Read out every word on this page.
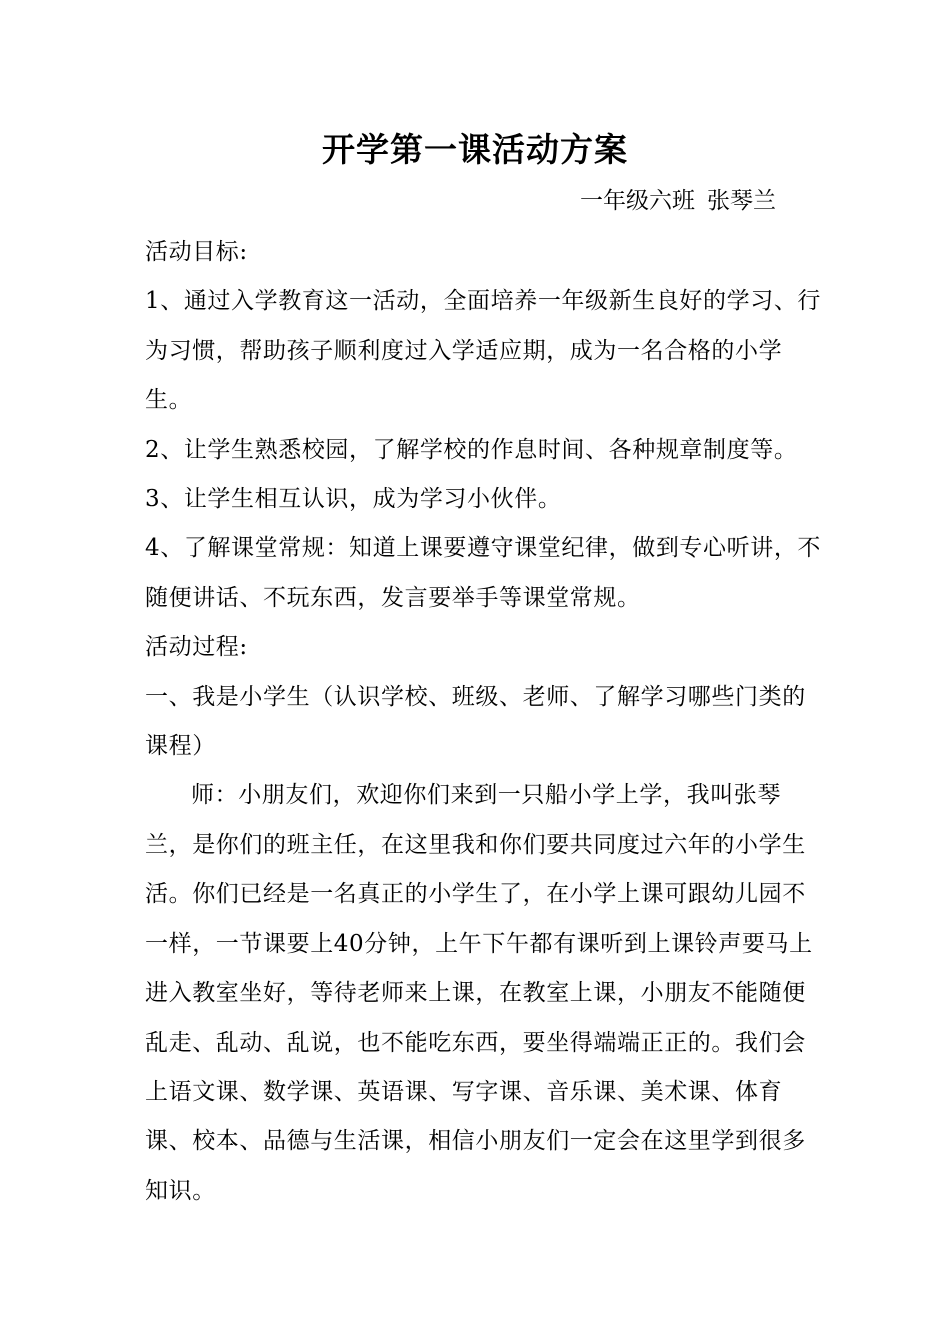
开学第一课活动方案
一年级六班 张琴兰

活动目标:

1、通过入学教育这一活动，全面培养一年级新生良好的学习、行为习惯，帮助孩子顺利度过入学适应期，成为一名合格的小学生。

2、让学生熟悉校园，了解学校的作息时间、各种规章制度等。

3、让学生相互认识，成为学习小伙伴。

4、了解课堂常规：知道上课要遵守课堂纪律，做到专心听讲，不随便讲话、不玩东西，发言要举手等课堂常规。

活动过程:

一、我是小学生（认识学校、班级、老师、了解学习哪些门类的课程）

师：小朋友们，欢迎你们来到一只船小学上学，我叫张琴兰，是你们的班主任，在这里我和你们要共同度过六年的小学生活。你们已经是一名真正的小学生了，在小学上课可跟幼儿园不一样，一节课要上40分钟，上午下午都有课听到上课铃声要马上进入教室坐好，等待老师来上课，在教室上课，小朋友不能随便乱走、乱动、乱说，也不能吃东西，要坐得端端正正的。我们会上语文课、数学课、英语课、写字课、音乐课、美术课、体育课、校本、品德与生活课，相信小朋友们一定会在这里学到很多知识。
